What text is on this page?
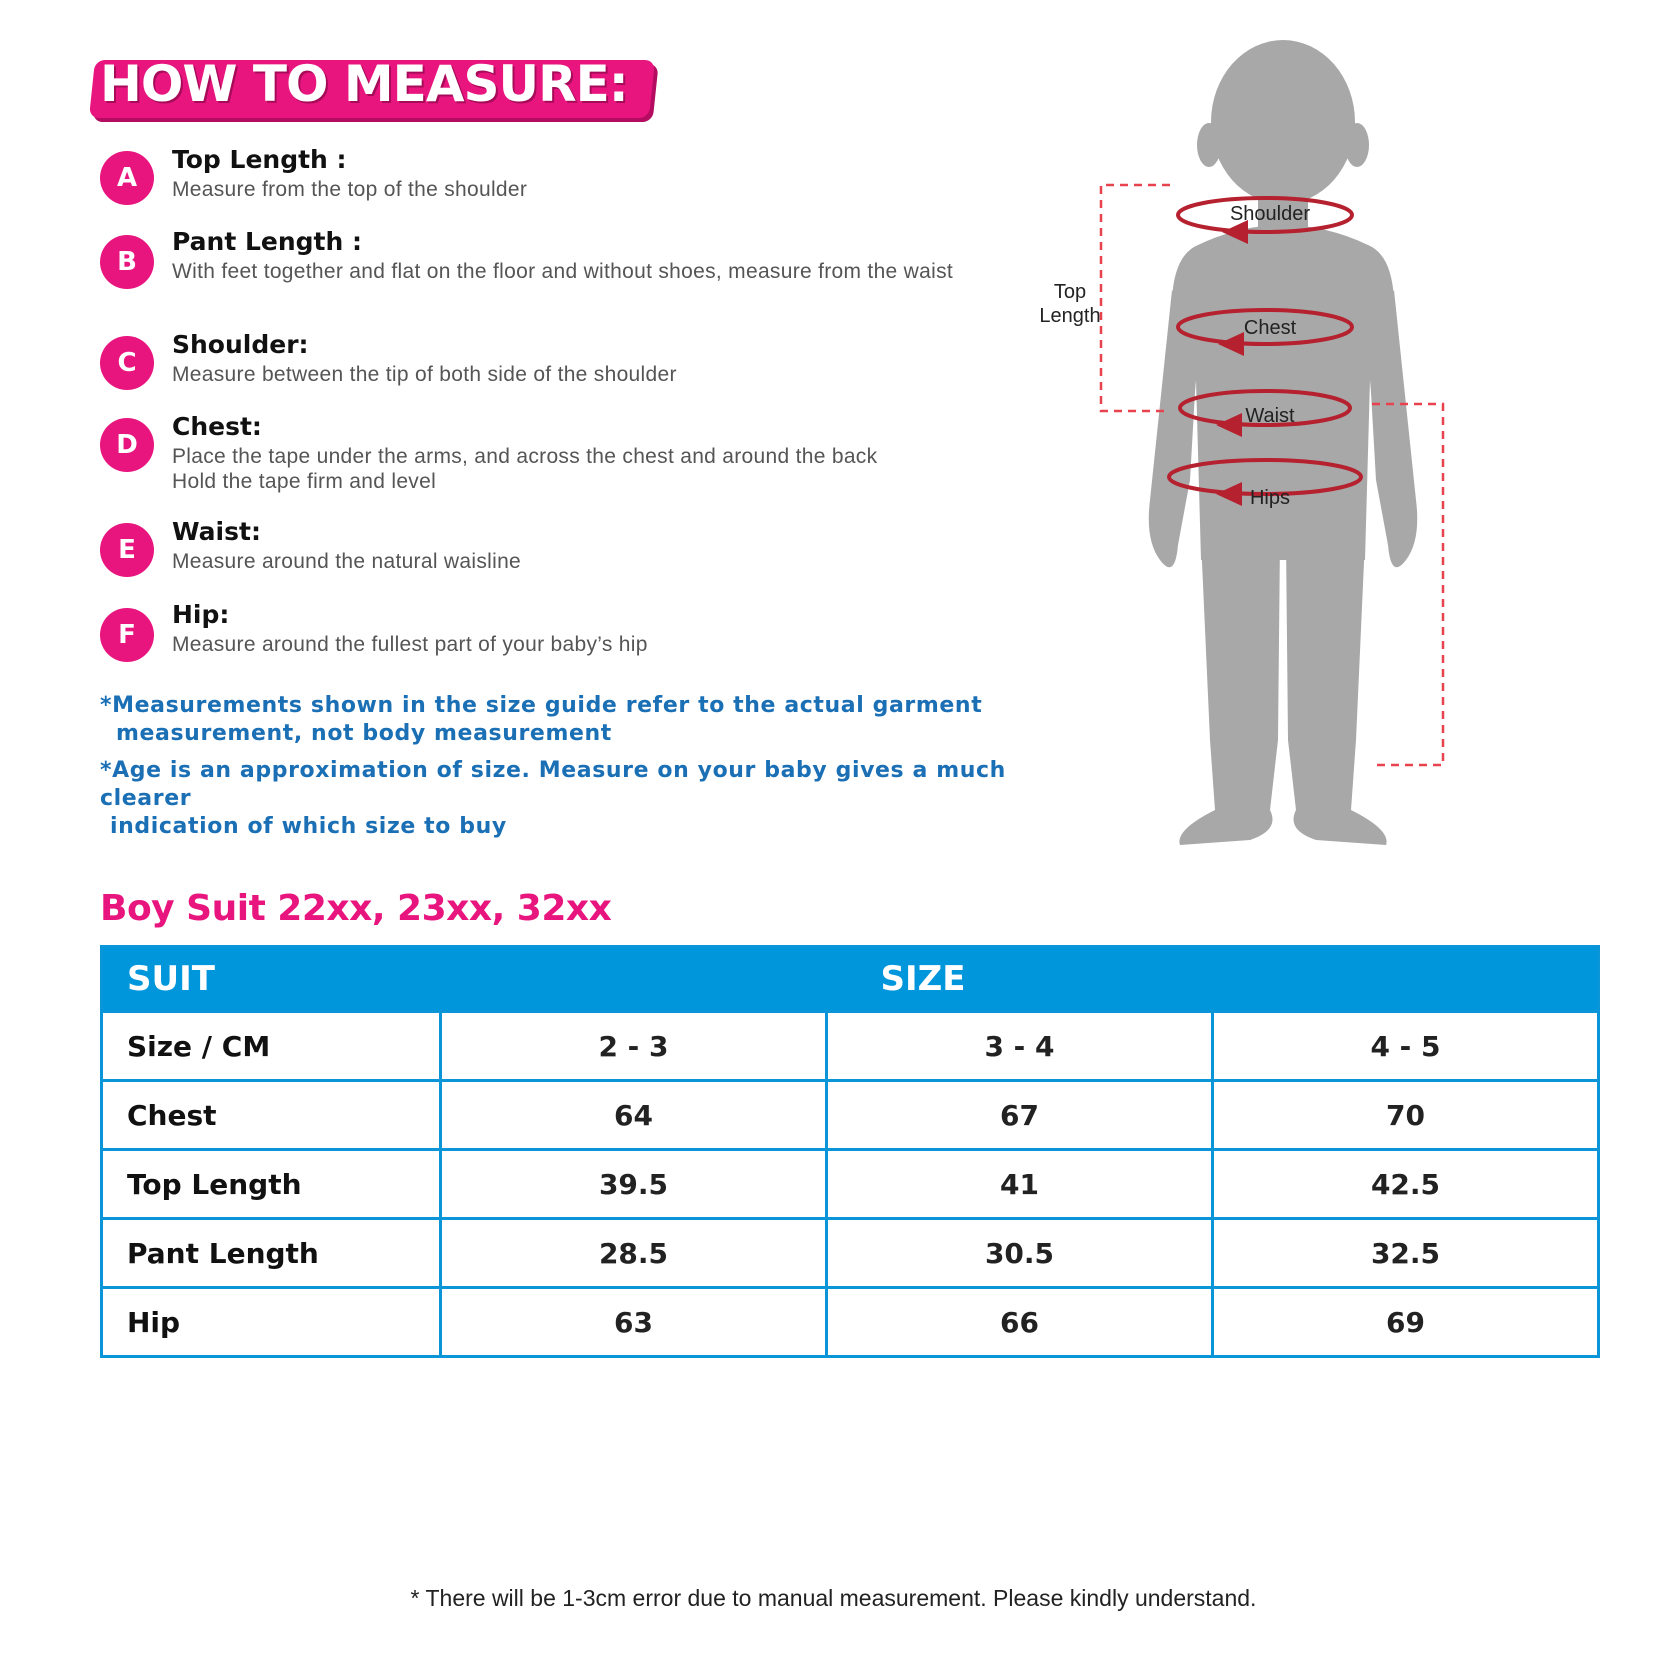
HOW TO MEASURE:
A
Top Length :
Measure from the top of the shoulder
B
Pant Length :
With feet together and flat on the floor and without shoes, measure from the waist
C
Shoulder:
Measure between the tip of both side of the shoulder
D
Chest:
Place the tape under the arms, and across the chest and around the back
Hold the tape firm and level
E
Waist:
Measure around the natural waisline
F
Hip:
Measure around the fullest part of your baby’s hip
*Measurements shown in the size guide refer to the actual garment
measurement, not body measurement
*Age is an approximation of size. Measure on your baby gives a much clearer
indication of which size to buy
Top
Length
Shoulder
Chest
Waist
Hips
Boy Suit 22xx, 23xx, 32xx
SUIT	SIZE		
Size / CM	2 - 3	3 - 4	4 - 5
Chest	64	67	70
Top Length	39.5	41	42.5
Pant Length	28.5	30.5	32.5
Hip	63	66	69
* There will be 1-3cm error due to manual measurement. Please kindly understand.
